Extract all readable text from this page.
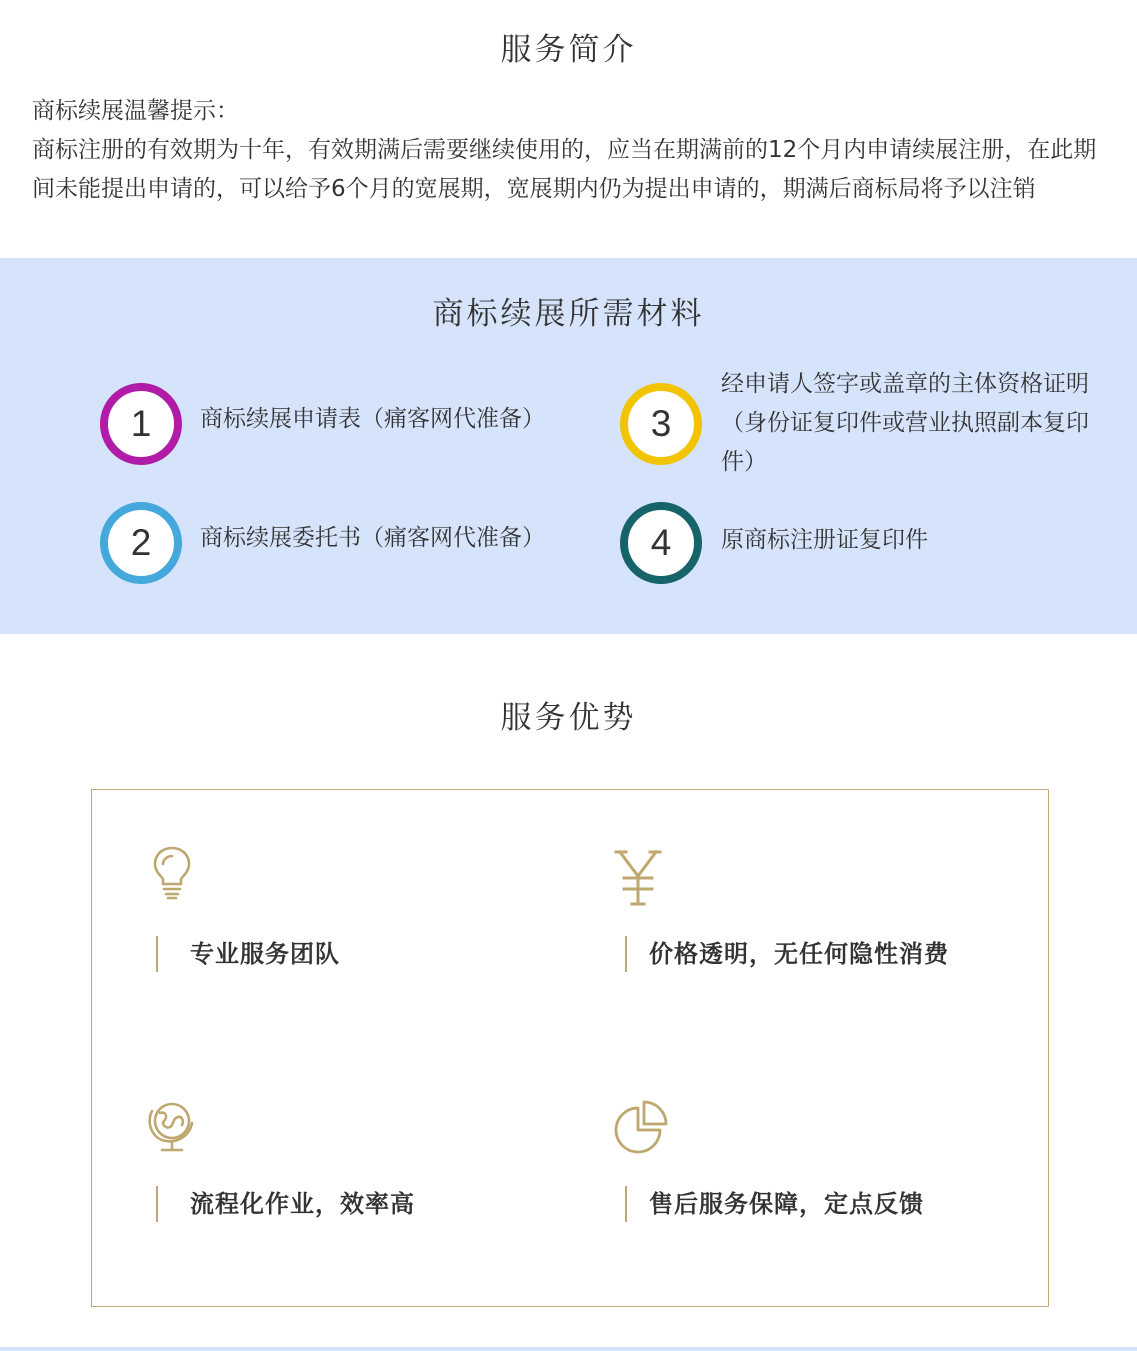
服务简介
商标续展温馨提示：
商标注册的有效期为十年，有效期满后需要继续使用的，应当在期满前的12个月内申请续展注册，在此期间未能提出申请的，可以给予6个月的宽展期，宽展期内仍为提出申请的，期满后商标局将予以注销
商标续展所需材料
1	商标续展申请表（痛客网代准备）
2	商标续展委托书（痛客网代准备）
3
经申请人签字或盖章的主体资格证明（身份证复印件或营业执照副本复印件）
4	原商标注册证复印件
服务优势
专业服务团队	价格透明，无任何隐性消费
流程化作业，效率高	售后服务保障，定点反馈
